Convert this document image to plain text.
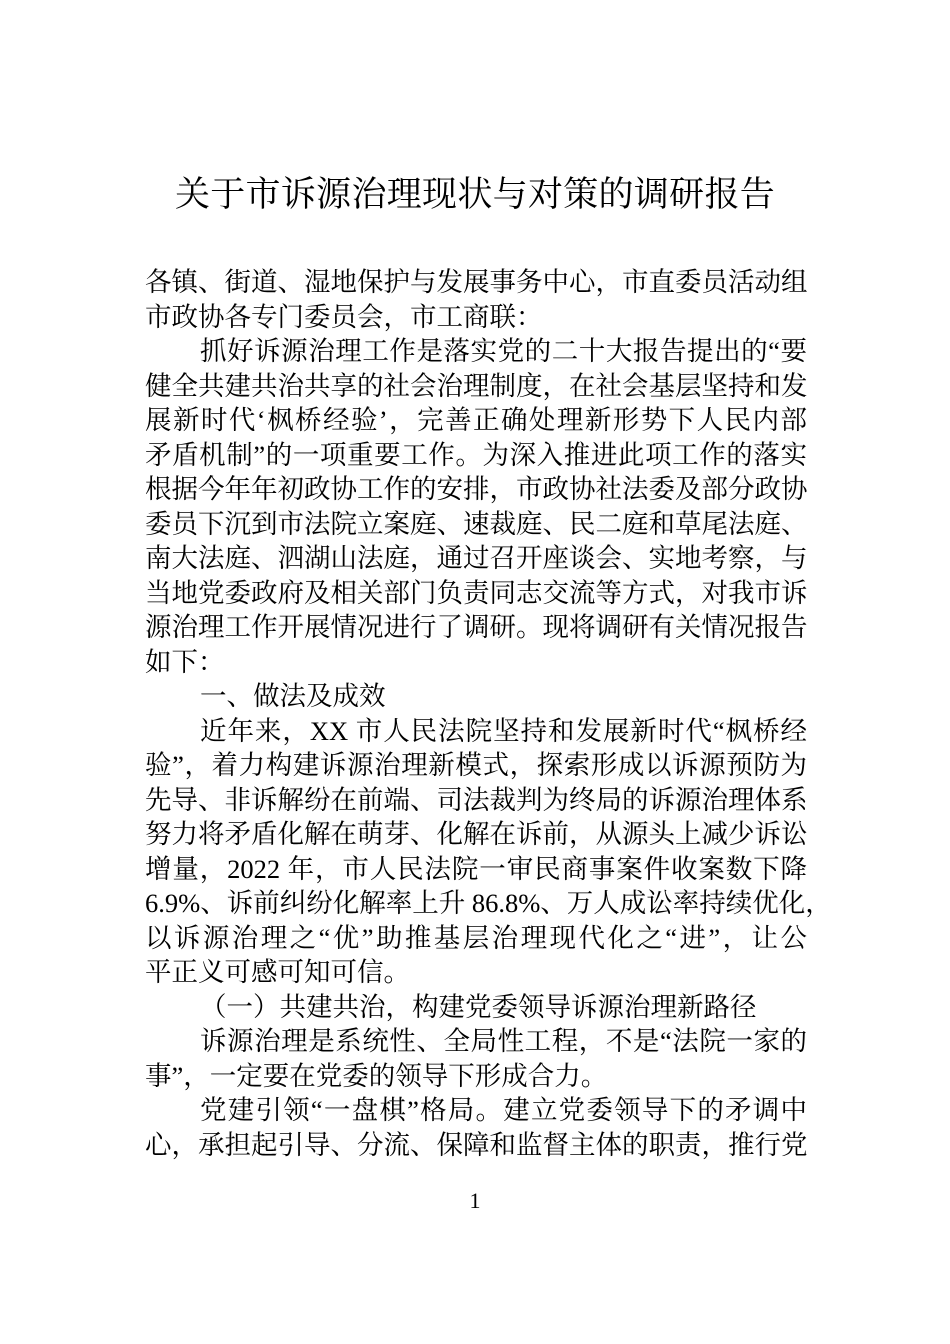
关于市诉源治理现状与对策的调研报告
各镇、街道、湿地保护与发展事务中心，市直委员活动组
市政协各专门委员会，市工商联：
抓好诉源治理工作是落实党的二十大报告提出的“要
健全共建共治共享的社会治理制度，在社会基层坚持和发
展新时代‘枫桥经验’，完善正确处理新形势下人民内部
矛盾机制”的一项重要工作。为深入推进此项工作的落实
根据今年年初政协工作的安排，市政协社法委及部分政协
委员下沉到市法院立案庭、速裁庭、民二庭和草尾法庭、
南大法庭、泗湖山法庭，通过召开座谈会、实地考察，与
当地党委政府及相关部门负责同志交流等方式，对我市诉
源治理工作开展情况进行了调研。现将调研有关情况报告
如下：
一、做法及成效
近年来，XX 市人民法院坚持和发展新时代“枫桥经
验”，着力构建诉源治理新模式，探索形成以诉源预防为
先导、非诉解纷在前端、司法裁判为终局的诉源治理体系
努力将矛盾化解在萌芽、化解在诉前，从源头上减少诉讼
增量，2022 年，市人民法院一审民商事案件收案数下降
6.9%、诉前纠纷化解率上升 86.8%、万人成讼率持续优化，
以诉源治理之“优”助推基层治理现代化之“进”，让公
平正义可感可知可信。
（一）共建共治，构建党委领导诉源治理新路径
诉源治理是系统性、全局性工程，不是“法院一家的
事”，一定要在党委的领导下形成合力。
党建引领“一盘棋”格局。建立党委领导下的矛调中
心，承担起引导、分流、保障和监督主体的职责，推行党
1
